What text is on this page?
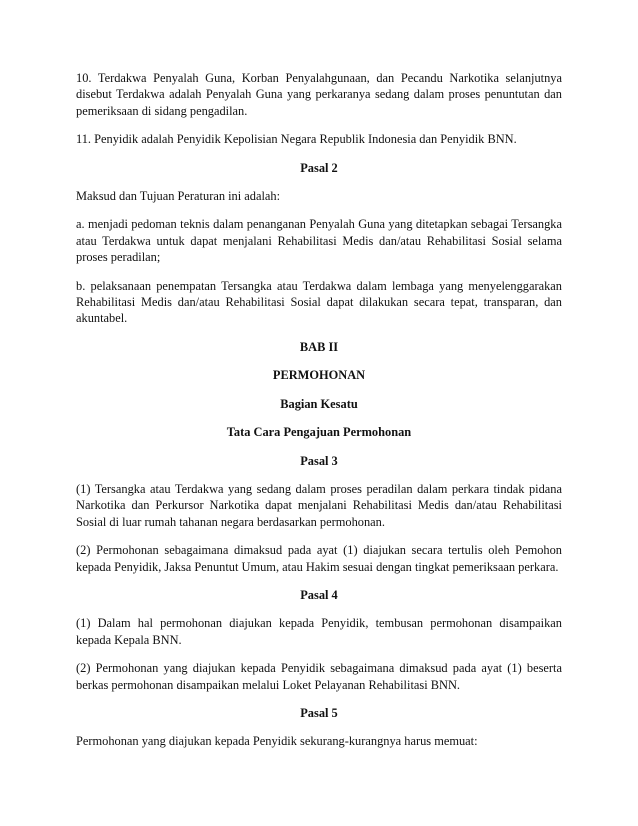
10. Terdakwa Penyalah Guna, Korban Penyalahgunaan, dan Pecandu Narkotika selanjutnya disebut Terdakwa adalah Penyalah Guna yang perkaranya sedang dalam proses penuntutan dan pemeriksaan di sidang pengadilan.

11. Penyidik adalah Penyidik Kepolisian Negara Republik Indonesia dan Penyidik BNN.

Pasal 2

Maksud dan Tujuan Peraturan ini adalah:

a. menjadi pedoman teknis dalam penanganan Penyalah Guna yang ditetapkan sebagai Tersangka atau Terdakwa untuk dapat menjalani Rehabilitasi Medis dan/atau Rehabilitasi Sosial selama proses peradilan;

b. pelaksanaan penempatan Tersangka atau Terdakwa dalam lembaga yang menyelenggarakan Rehabilitasi Medis dan/atau Rehabilitasi Sosial dapat dilakukan secara tepat, transparan, dan akuntabel.

BAB II

PERMOHONAN

Bagian Kesatu

Tata Cara Pengajuan Permohonan

Pasal 3

(1) Tersangka atau Terdakwa yang sedang dalam proses peradilan dalam perkara tindak pidana Narkotika dan Perkursor Narkotika dapat menjalani Rehabilitasi Medis dan/atau Rehabilitasi Sosial di luar rumah tahanan negara berdasarkan permohonan.

(2) Permohonan sebagaimana dimaksud pada ayat (1) diajukan secara tertulis oleh Pemohon kepada Penyidik, Jaksa Penuntut Umum, atau Hakim sesuai dengan tingkat pemeriksaan perkara.

Pasal 4

(1) Dalam hal permohonan diajukan kepada Penyidik, tembusan permohonan disampaikan kepada Kepala BNN.

(2) Permohonan yang diajukan kepada Penyidik sebagaimana dimaksud pada ayat (1) beserta berkas permohonan disampaikan melalui Loket Pelayanan Rehabilitasi BNN.

Pasal 5

Permohonan yang diajukan kepada Penyidik sekurang-kurangnya harus memuat:
